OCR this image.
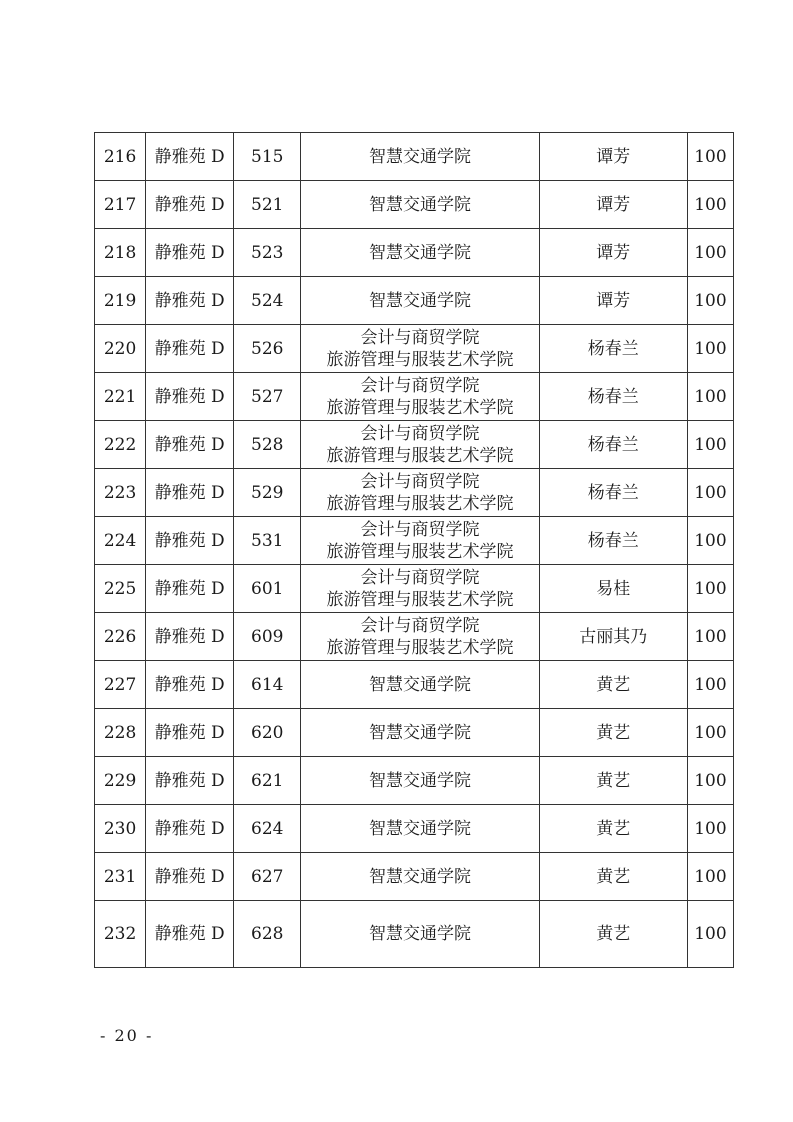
216	静雅苑 D	515	智慧交通学院	谭芳	100
217	静雅苑 D	521	智慧交通学院	谭芳	100
218	静雅苑 D	523	智慧交通学院	谭芳	100
219	静雅苑 D	524	智慧交通学院	谭芳	100
220	静雅苑 D	526	会计与商贸学院
旅游管理与服装艺术学院	杨春兰	100
221	静雅苑 D	527	会计与商贸学院
旅游管理与服装艺术学院	杨春兰	100
222	静雅苑 D	528	会计与商贸学院
旅游管理与服装艺术学院	杨春兰	100
223	静雅苑 D	529	会计与商贸学院
旅游管理与服装艺术学院	杨春兰	100
224	静雅苑 D	531	会计与商贸学院
旅游管理与服装艺术学院	杨春兰	100
225	静雅苑 D	601	会计与商贸学院
旅游管理与服装艺术学院	易桂	100
226	静雅苑 D	609	会计与商贸学院
旅游管理与服装艺术学院	古丽其乃	100
227	静雅苑 D	614	智慧交通学院	黄艺	100
228	静雅苑 D	620	智慧交通学院	黄艺	100
229	静雅苑 D	621	智慧交通学院	黄艺	100
230	静雅苑 D	624	智慧交通学院	黄艺	100
231	静雅苑 D	627	智慧交通学院	黄艺	100
232	静雅苑 D	628	智慧交通学院	黄艺	100
- 20 -
